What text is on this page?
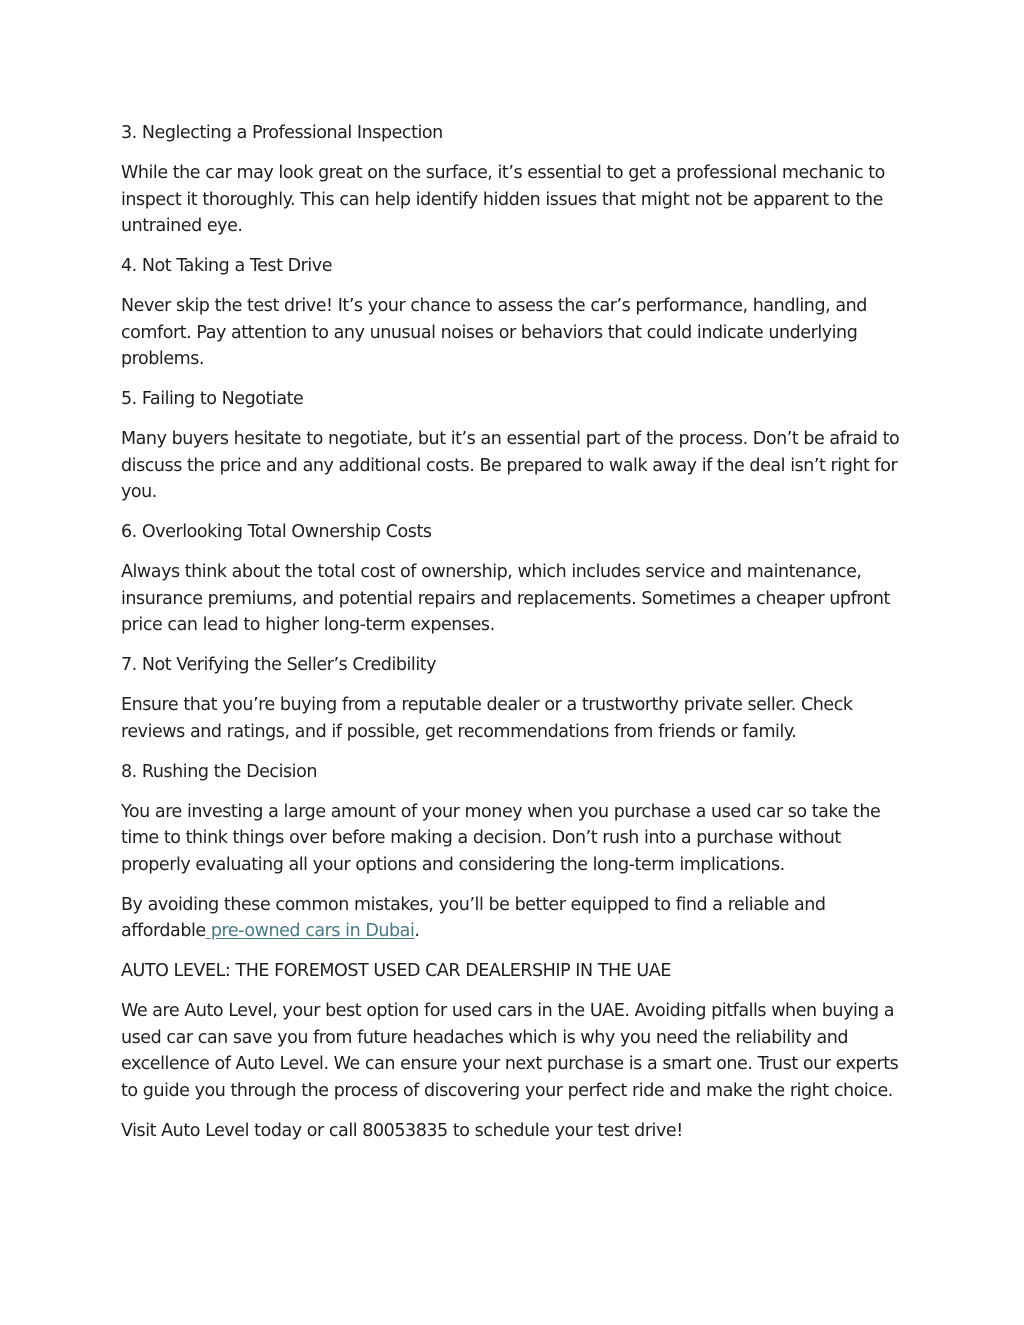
3. Neglecting a Professional Inspection

While the car may look great on the surface, it’s essential to get a professional mechanic to inspect it thoroughly. This can help identify hidden issues that might not be apparent to the untrained eye.

4. Not Taking a Test Drive

Never skip the test drive! It’s your chance to assess the car’s performance, handling, and comfort. Pay attention to any unusual noises or behaviors that could indicate underlying problems.

5. Failing to Negotiate

Many buyers hesitate to negotiate, but it’s an essential part of the process. Don’t be afraid to discuss the price and any additional costs. Be prepared to walk away if the deal isn’t right for you.

6. Overlooking Total Ownership Costs

Always think about the total cost of ownership, which includes service and maintenance, insurance premiums, and potential repairs and replacements. Sometimes a cheaper upfront price can lead to higher long-term expenses.

7. Not Verifying the Seller’s Credibility

Ensure that you’re buying from a reputable dealer or a trustworthy private seller. Check reviews and ratings, and if possible, get recommendations from friends or family.

8. Rushing the Decision

You are investing a large amount of your money when you purchase a used car so take the time to think things over before making a decision. Don’t rush into a purchase without properly evaluating all your options and considering the long-term implications.

By avoiding these common mistakes, you’ll be better equipped to find a reliable and affordable pre-owned cars in Dubai.

AUTO LEVEL: THE FOREMOST USED CAR DEALERSHIP IN THE UAE

We are Auto Level, your best option for used cars in the UAE. Avoiding pitfalls when buying a used car can save you from future headaches which is why you need the reliability and excellence of Auto Level. We can ensure your next purchase is a smart one. Trust our experts to guide you through the process of discovering your perfect ride and make the right choice.

Visit Auto Level today or call 80053835 to schedule your test drive!
